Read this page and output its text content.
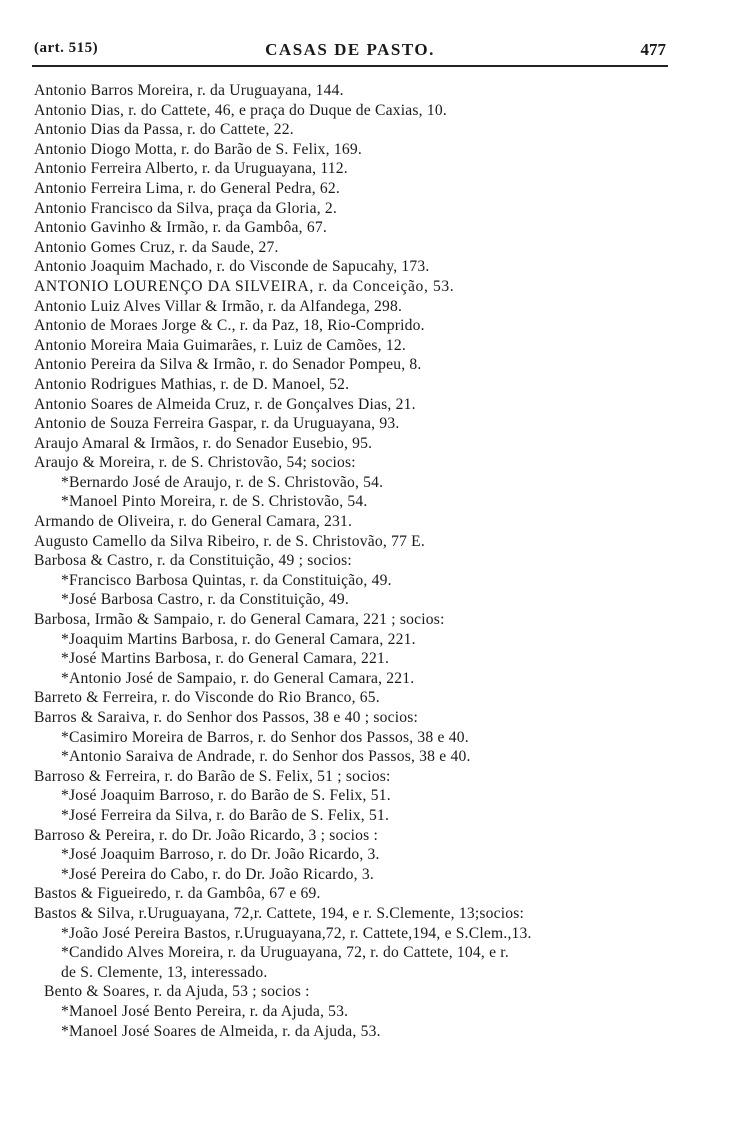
(art. 515)	CASAS DE PASTO.	477
Antonio Barros Moreira, r. da Uruguayana, 144.
Antonio Dias, r. do Cattete, 46, e praça do Duque de Caxias, 10.
Antonio Dias da Passa, r. do Cattete, 22.
Antonio Diogo Motta, r. do Barão de S. Felix, 169.
Antonio Ferreira Alberto, r. da Uruguayana, 112.
Antonio Ferreira Lima, r. do General Pedra, 62.
Antonio Francisco da Silva, praça da Gloria, 2.
Antonio Gavinho & Irmão, r. da Gambôa, 67.
Antonio Gomes Cruz, r. da Saude, 27.
Antonio Joaquim Machado, r. do Visconde de Sapucahy, 173.
ANTONIO LOURENÇO DA SILVEIRA, r. da Conceição, 53.
Antonio Luiz Alves Villar & Irmão, r. da Alfandega, 298.
Antonio de Moraes Jorge & C., r. da Paz, 18, Rio-Comprido.
Antonio Moreira Maia Guimarães, r. Luiz de Camões, 12.
Antonio Pereira da Silva & Irmão, r. do Senador Pompeu, 8.
Antonio Rodrigues Mathias, r. de D. Manoel, 52.
Antonio Soares de Almeida Cruz, r. de Gonçalves Dias, 21.
Antonio de Souza Ferreira Gaspar, r. da Uruguayana, 93.
Araujo Amaral & Irmãos, r. do Senador Eusebio, 95.
Araujo & Moreira, r. de S. Christovão, 54; socios:
*Bernardo José de Araujo, r. de S. Christovão, 54.
*Manoel Pinto Moreira, r. de S. Christovão, 54.
Armando de Oliveira, r. do General Camara, 231.
Augusto Camello da Silva Ribeiro, r. de S. Christovão, 77 E.
Barbosa & Castro, r. da Constituição, 49 ; socios:
*Francisco Barbosa Quintas, r. da Constituição, 49.
*José Barbosa Castro, r. da Constituição, 49.
Barbosa, Irmão & Sampaio, r. do General Camara, 221 ; socios:
*Joaquim Martins Barbosa, r. do General Camara, 221.
*José Martins Barbosa, r. do General Camara, 221.
*Antonio José de Sampaio, r. do General Camara, 221.
Barreto & Ferreira, r. do Visconde do Rio Branco, 65.
Barros & Saraiva, r. do Senhor dos Passos, 38 e 40 ; socios:
*Casimiro Moreira de Barros, r. do Senhor dos Passos, 38 e 40.
*Antonio Saraiva de Andrade, r. do Senhor dos Passos, 38 e 40.
Barroso & Ferreira, r. do Barão de S. Felix, 51 ; socios:
*José Joaquim Barroso, r. do Barão de S. Felix, 51.
*José Ferreira da Silva, r. do Barão de S. Felix, 51.
Barroso & Pereira, r. do Dr. João Ricardo, 3 ; socios :
*José Joaquim Barroso, r. do Dr. João Ricardo, 3.
*José Pereira do Cabo, r. do Dr. João Ricardo, 3.
Bastos & Figueiredo, r. da Gambôa, 67 e 69.
Bastos & Silva, r.Uruguayana, 72,r. Cattete, 194, e r. S.Clemente, 13;socios:
*João José Pereira Bastos, r.Uruguayana,72, r. Cattete,194, e S.Clem.,13.
*Candido Alves Moreira, r. da Uruguayana, 72, r. do Cattete, 104, e r.
de S. Clemente, 13, interessado.
Bento & Soares, r. da Ajuda, 53 ; socios :
*Manoel José Bento Pereira, r. da Ajuda, 53.
*Manoel José Soares de Almeida, r. da Ajuda, 53.
